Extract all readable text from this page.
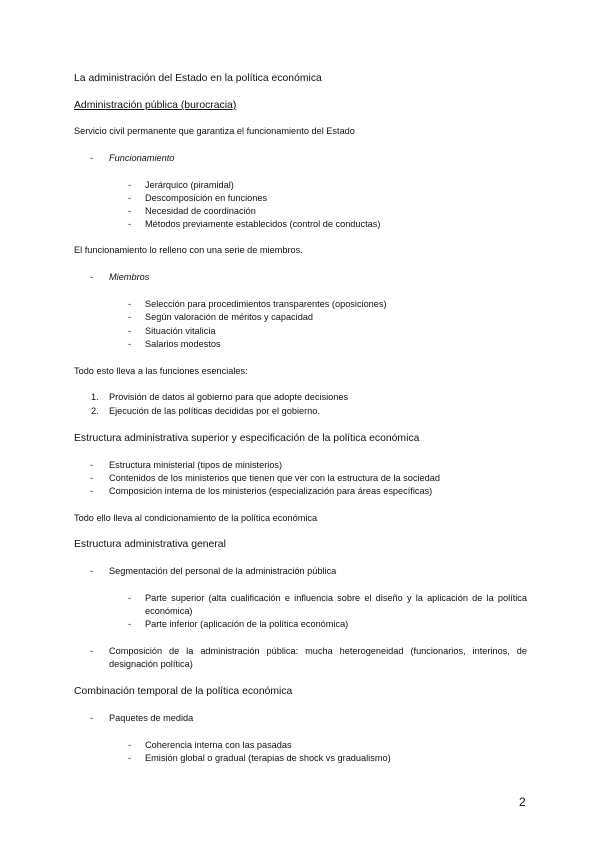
La administración del Estado en la política económica
Administración pública (burocracia)
Servicio civil permanente que garantiza el funcionamiento del Estado
- Funcionamiento
- Jerárquico (piramidal)
- Descomposición en funciones
- Necesidad de coordinación
- Métodos previamente establecidos (control de conductas)
El funcionamiento lo relleno con una serie de miembros.
- Miembros
- Selección para procedimientos transparentes (oposiciones)
- Según valoración de méritos y capacidad
- Situación vitalicia
- Salarios modestos
Todo esto lleva a las funciones esenciales:
1. Provisión de datos al gobierno para que adopte decisiones
2. Ejecución de las políticas decididas por el gobierno.
Estructura administrativa superior y especificación de la política económica
- Estructura ministerial (tipos de ministerios)
- Contenidos de los ministerios que tienen que ver con la estructura de la sociedad
- Composición interna de los ministerios (especialización para áreas específicas)
Todo ello lleva al condicionamiento de la política económica
Estructura administrativa general
- Segmentación del personal de la administración pública
- Parte superior (alta cualificación e influencia sobre el diseño y la aplicación de la política económica)
- Parte inferior (aplicación de la política económica)
- Composición de la administración pública: mucha heterogeneidad (funcionarios, interinos, de designación política)
Combinación temporal de la política económica
- Paquetes de medida
- Coherencia interna con las pasadas
- Emisión global o gradual (terapias de shock vs gradualismo)
2
